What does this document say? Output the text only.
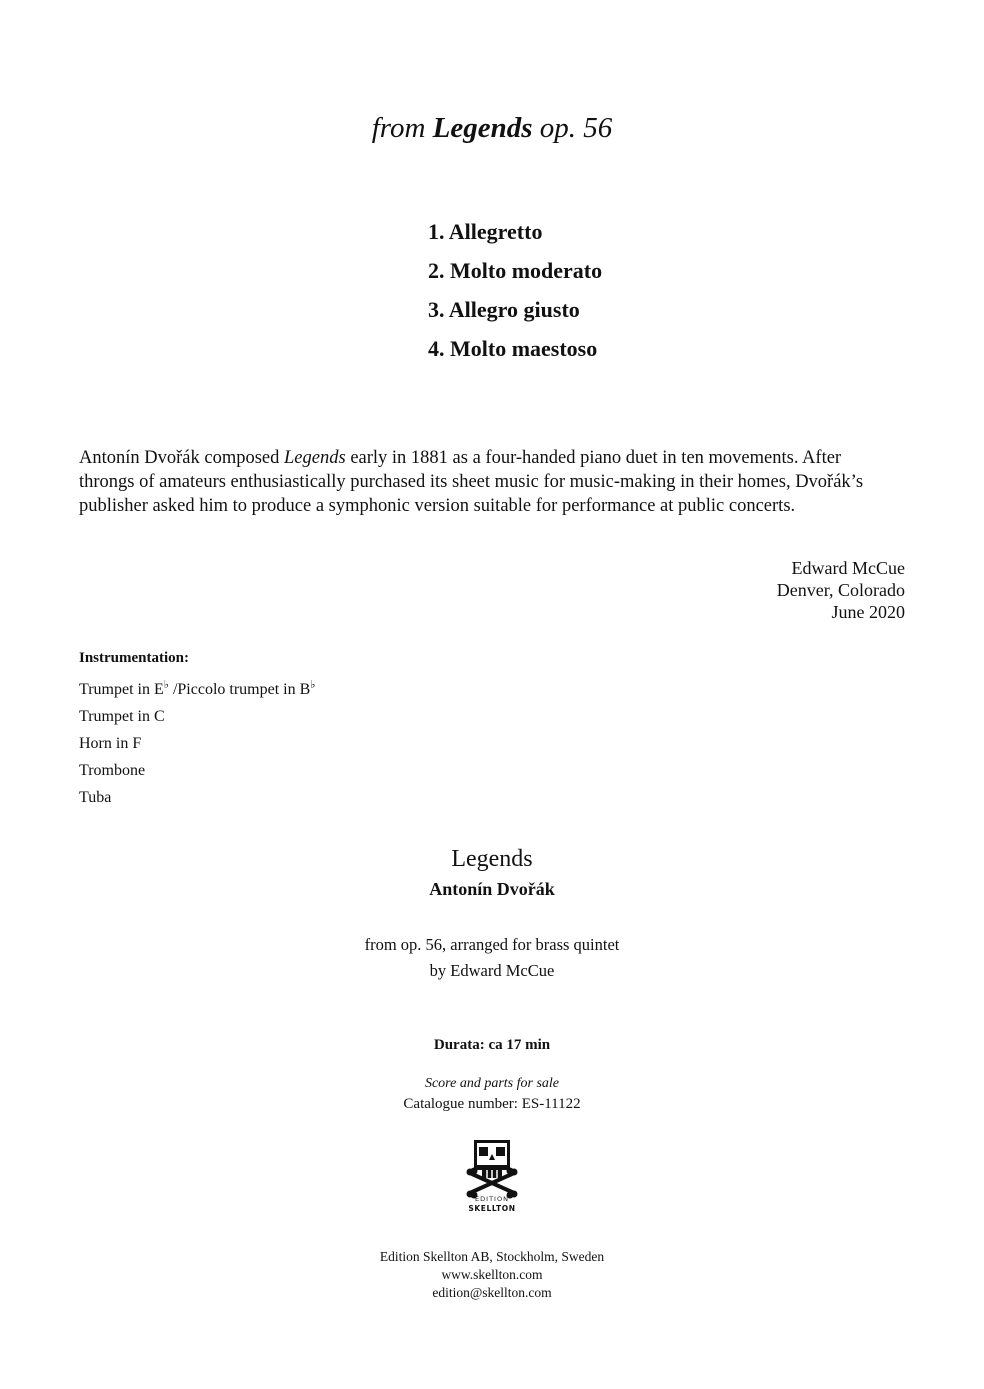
from Legends op. 56
1. Allegretto
2. Molto moderato
3. Allegro giusto
4. Molto maestoso

Antonín Dvořák composed Legends early in 1881 as a four-handed piano duet in ten movements. After throngs of amateurs enthusiastically purchased its sheet music for music-making in their homes, Dvořák’s publisher asked him to produce a symphonic version suitable for performance at public concerts.

Edward McCue
Denver, Colorado
June 2020
Instrumentation:
Trumpet in E♭ /Piccolo trumpet in B♭
Trumpet in C
Horn in F
Trombone
Tuba
Legends
Antonín Dvořák
from op. 56, arranged for brass quintet
by Edward McCue
Durata: ca 17 min
Score and parts for sale
Catalogue number: ES-11122
EDITION
SKELLTON
Edition Skellton AB, Stockholm, Sweden
www.skellton.com
edition@skellton.com
